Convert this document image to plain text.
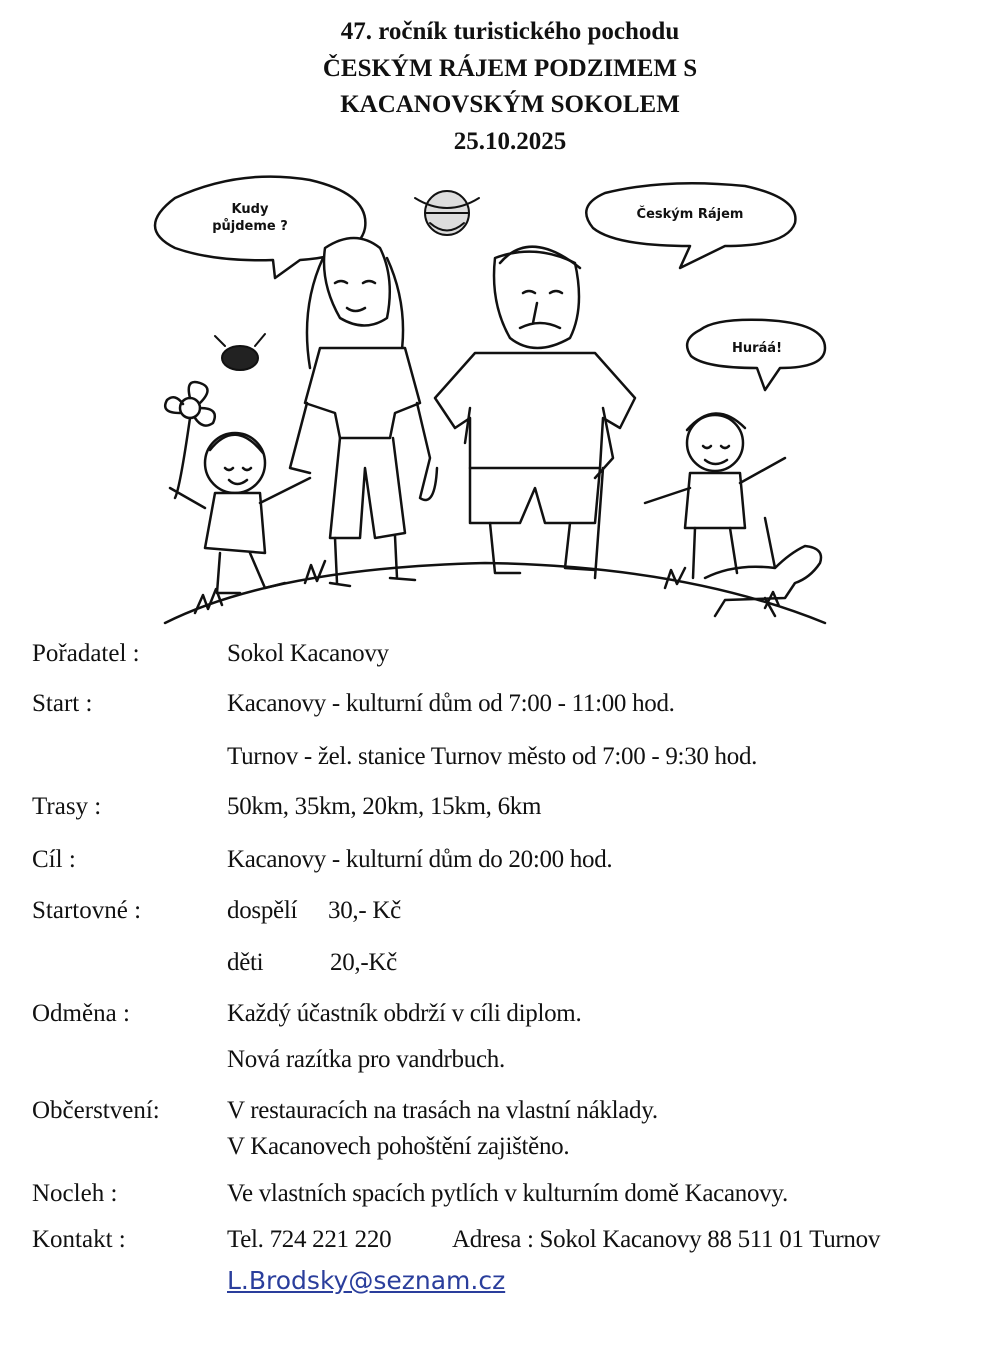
47. ročník turistického pochodu
ČESKÝM RÁJEM PODZIMEM S
KACANOVSKÝM SOKOLEM
25.10.2025
Kudy
půjdeme ?
Českým Rájem
Huráá!
Pořadatel :	Sokol Kacanovy
Start :	Kacanovy - kulturní dům od 7:00 - 11:00 hod.
Turnov - žel. stanice Turnov město od 7:00 - 9:30 hod.
Trasy :	50km, 35km, 20km, 15km, 6km
Cíl :	Kacanovy - kulturní dům do 20:00 hod.
Startovné :	dospělí 30,- Kč
děti	20,-Kč
Odměna :	Každý účastník obdrží v cíli diplom.
Nová razítka pro vandrbuch.
Občerstvení:	V restauracích na trasách na vlastní náklady.
V Kacanovech pohoštění zajištěno.
Nocleh :	Ve vlastních spacích pytlích v kulturním domě Kacanovy.
Kontakt :	Tel. 724 221 220 Adresa : Sokol Kacanovy 88 511 01 Turnov
L.Brodsky@seznam.cz
